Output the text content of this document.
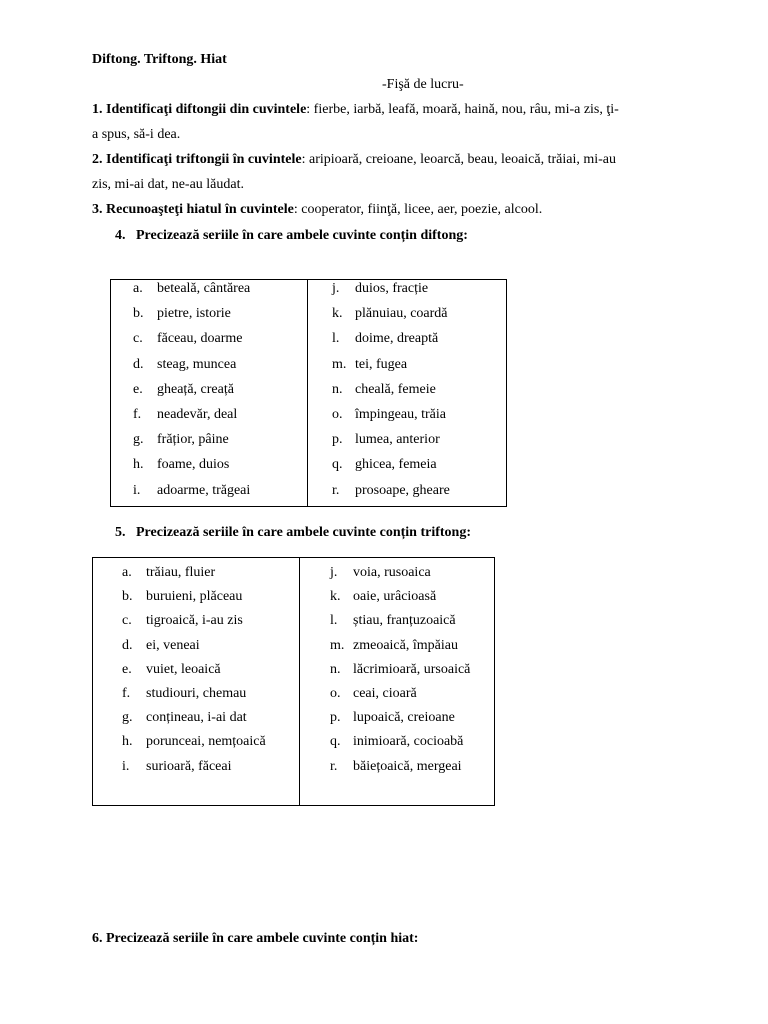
Diftong. Triftong. Hiat
-Fişă de lucru-
1. Identificaţi diftongii din cuvintele: fierbe, iarbă, leafă, moară, haină, nou, râu, mi-a zis, ţi-
a spus, să-i dea.
2. Identificaţi triftongii în cuvintele: aripioară, creioane, leoarcă, beau, leoaică, trăiai, mi-au
zis, mi-ai dat, ne-au lăudat.
3. Recunoaşteţi hiatul în cuvintele: cooperator, fiinţă, licee, aer, poezie, alcool.
4. Precizează seriile în care ambele cuvinte conțin diftong:
a. beteală, cântărea
b. pietre, istorie
c. făceau, doarme
d. steag, muncea
e. gheață, creață
f. neadevăr, deal
g. frățior, pâine
h. foame, duios
i. adoarme, trăgeai

j. duios, fracție
k. plănuiau, coardă
l. doime, dreaptă
m. tei, fugea
n. cheală, femeie
o. împingeau, trăia
p. lumea, anterior
q. ghicea, femeia
r. prosoape, gheare
5. Precizează seriile în care ambele cuvinte conțin triftong:
a. trăiau, fluier
b. buruieni, plăceau
c. tigroaică, i-au zis
d. ei, veneai
e. vuiet, leoaică
f. studiouri, chemau
g. conțineau, i-ai dat
h. porunceai, nemțoaică
i. surioară, făceai

j. voia, rusoaica
k. oaie, urâcioasă
l. știau, franțuzoaică
m. zmeoaică, împăiau
n. lăcrimioară, ursoaică
o. ceai, cioară
p. lupoaică, creioane
q. inimioară, cocioabă
r. băiețoaică, mergeai
6. Precizează seriile în care ambele cuvinte conțin hiat:
